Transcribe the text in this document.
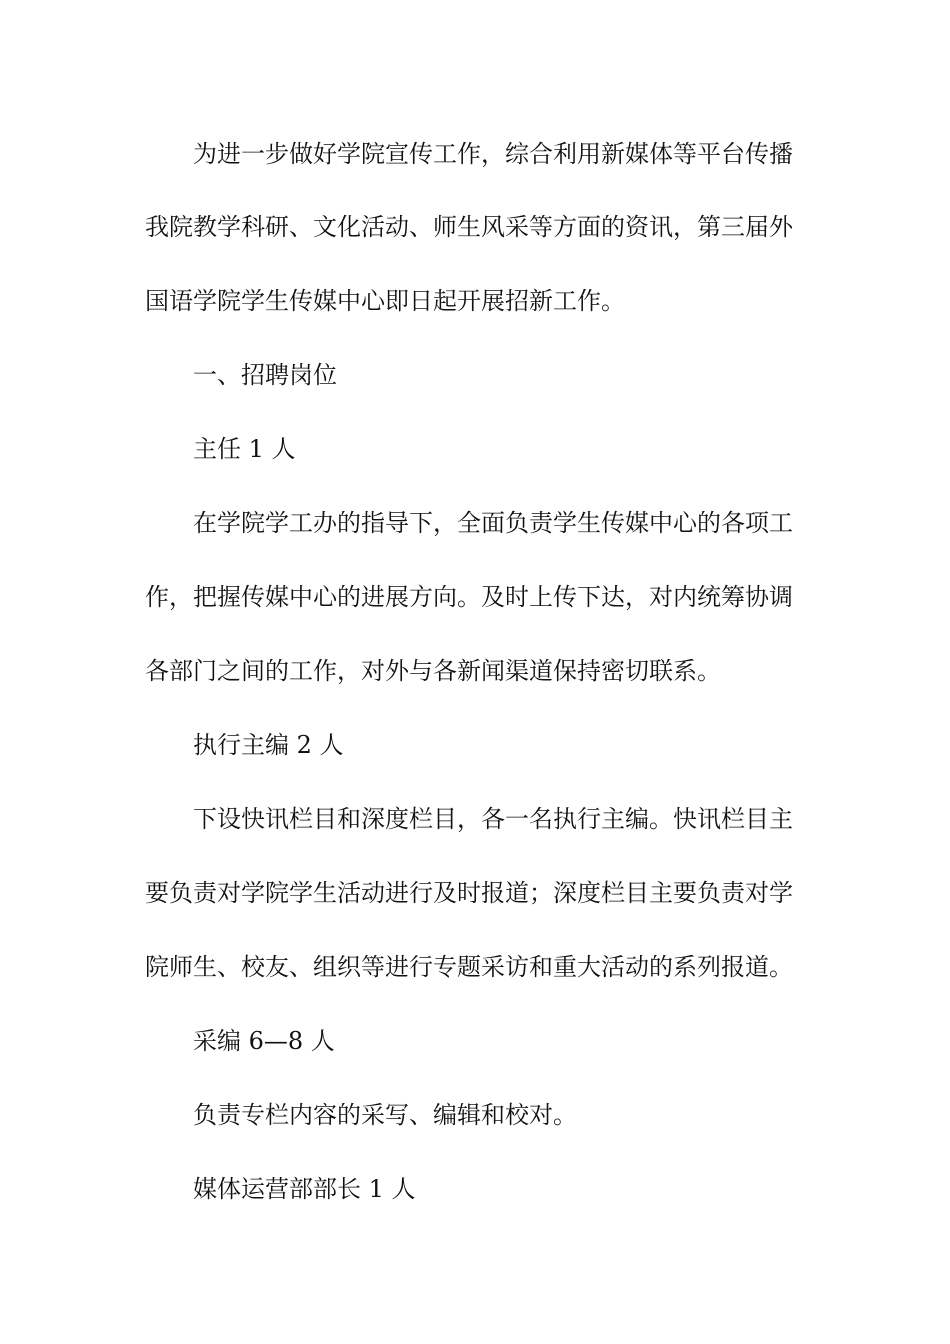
为进一步做好学院宣传工作，综合利用新媒体等平台传播
我院教学科研、文化活动、师生风采等方面的资讯，第三届外
国语学院学生传媒中心即日起开展招新工作。
一、招聘岗位
主任 1 人
在学院学工办的指导下，全面负责学生传媒中心的各项工
作，把握传媒中心的进展方向。及时上传下达，对内统筹协调
各部门之间的工作，对外与各新闻渠道保持密切联系。
执行主编 2 人
下设快讯栏目和深度栏目，各一名执行主编。快讯栏目主
要负责对学院学生活动进行及时报道；深度栏目主要负责对学
院师生、校友、组织等进行专题采访和重大活动的系列报道。
采编 6—8 人
负责专栏内容的采写、编辑和校对。
媒体运营部部长 1 人
